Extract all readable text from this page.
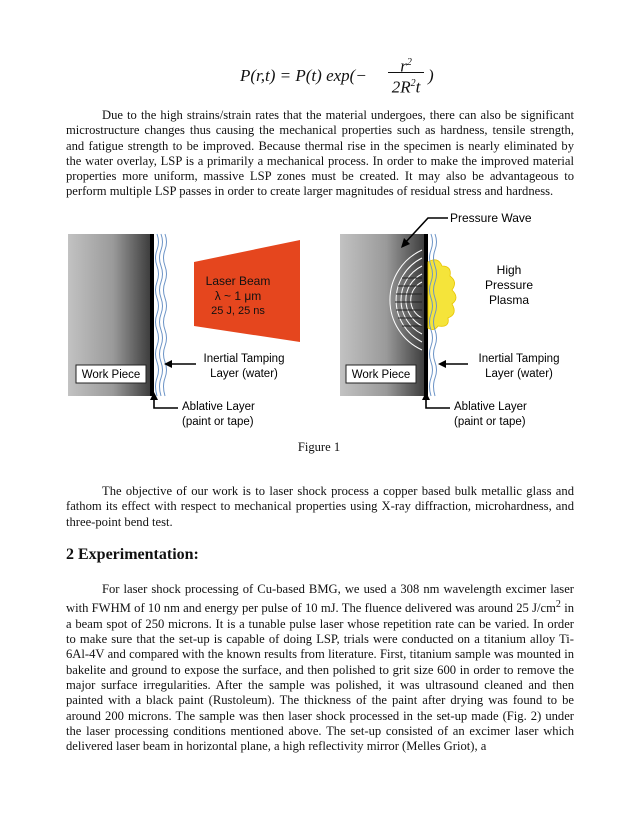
P(r,t) = P(t) exp(−	$r^2$
$2R^2t$
)

Due to the high strains/strain rates that the material undergoes, there can also be significant microstructure changes thus causing the mechanical properties such as hardness, tensile strength, and fatigue strength to be improved. Because thermal rise in the specimen is nearly eliminated by the water overlay, LSP is a primarily a mechanical process. In order to make the improved material properties more uniform, massive LSP zones must be created. It may also be advantageous to perform multiple LSP passes in order to create larger magnitudes of residual stress and hardness.

Laser Beam
λ ~ 1 μm
25 J, 25 ns
Work Piece
Inertial Tamping
Layer (water)
Ablative Layer
(paint or tape)
Pressure Wave
High
Pressure
Plasma
Work Piece
Inertial Tamping
Layer (water)
Ablative Layer
(paint or tape)
Figure 1

The objective of our work is to laser shock process a copper based bulk metallic glass and fathom its effect with respect to mechanical properties using X-ray diffraction, microhardness, and three-point bend test.

2 Experimentation:

For laser shock processing of Cu-based BMG, we used a 308 nm wavelength excimer laser with FWHM of 10 nm and energy per pulse of 10 mJ. The fluence delivered was around 25 $J/cm^2$ in a beam spot of 250 microns. It is a tunable pulse laser whose repetition rate can be varied. In order to make sure that the set-up is capable of doing LSP, trials were conducted on a titanium alloy Ti-6Al-4V and compared with the known results from literature. First, titanium sample was mounted in bakelite and ground to expose the surface, and then polished to grit size 600 in order to remove the major surface irregularities. After the sample was polished, it was ultrasound cleaned and then painted with a black paint (Rustoleum). The thickness of the paint after drying was found to be around 200 microns. The sample was then laser shock processed in the set-up made (Fig. 2) under the laser processing conditions mentioned above. The set-up consisted of an excimer laser which delivered laser beam in horizontal plane, a high reflectivity mirror (Melles Griot), a
